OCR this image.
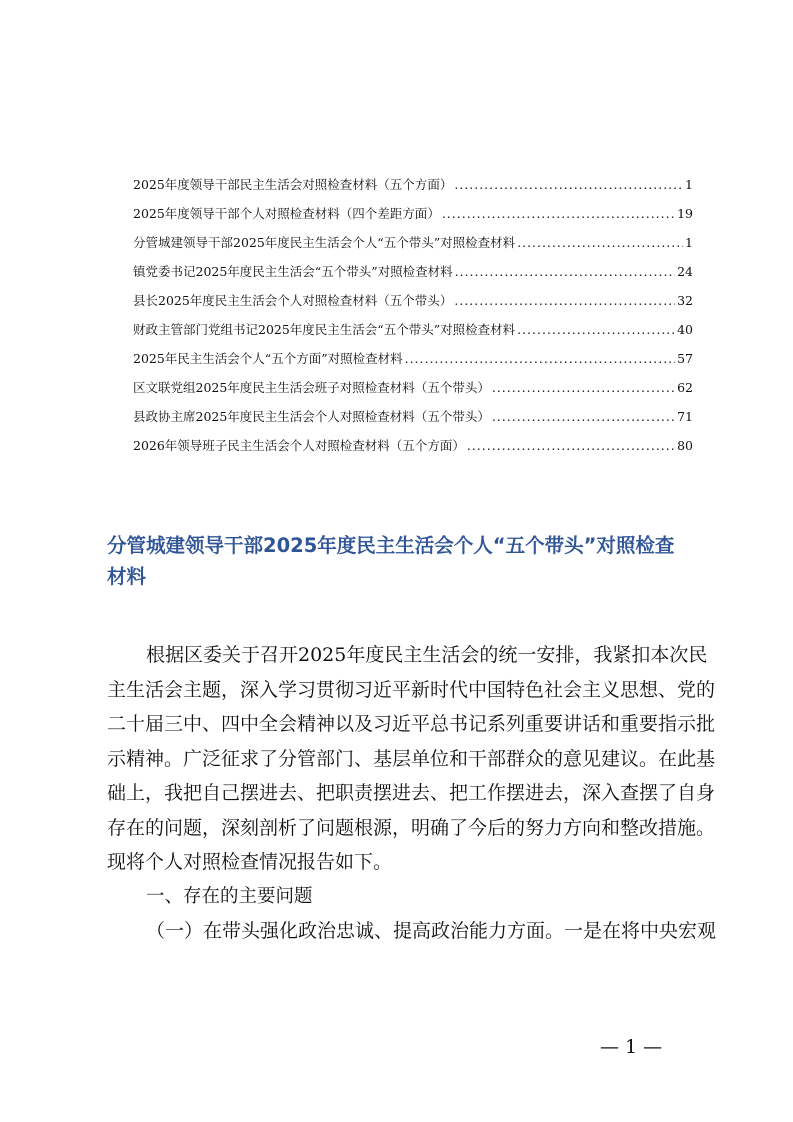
2025年度领导干部民主生活会对照检查材料（五个方面） .....	1
2025年度领导干部个人对照检查材料（四个差距方面） .....	19
分管城建领导干部2025年度民主生活会个人“五个带头”对照检查材料 .....	1
镇党委书记2025年度民主生活会“五个带头”对照检查材料 .....	24
县长2025年度民主生活会个人对照检查材料（五个带头） .....	32
财政主管部门党组书记2025年度民主生活会“五个带头”对照检查材料 .....	40
2025年民主生活会个人“五个方面”对照检查材料 .....	57
区文联党组2025年度民主生活会班子对照检查材料（五个带头） .....	62
县政协主席2025年度民主生活会个人对照检查材料（五个带头） .....	71
2026年领导班子民主生活会个人对照检查材料（五个方面） .....	80
分管城建领导干部2025年度民主生活会个人“五个带头”对照检查
材料
根据区委关于召开2025年度民主生活会的统一安排，我紧扣本次民
主生活会主题，深入学习贯彻习近平新时代中国特色社会主义思想、党的
二十届三中、四中全会精神以及习近平总书记系列重要讲话和重要指示批
示精神。广泛征求了分管部门、基层单位和干部群众的意见建议。在此基
础上，我把自己摆进去、把职责摆进去、把工作摆进去，深入查摆了自身
存在的问题，深刻剖析了问题根源，明确了今后的努力方向和整改措施。
现将个人对照检查情况报告如下。
一、存在的主要问题
（一）在带头强化政治忠诚、提高政治能力方面。一是在将中央宏观
— 1 —
